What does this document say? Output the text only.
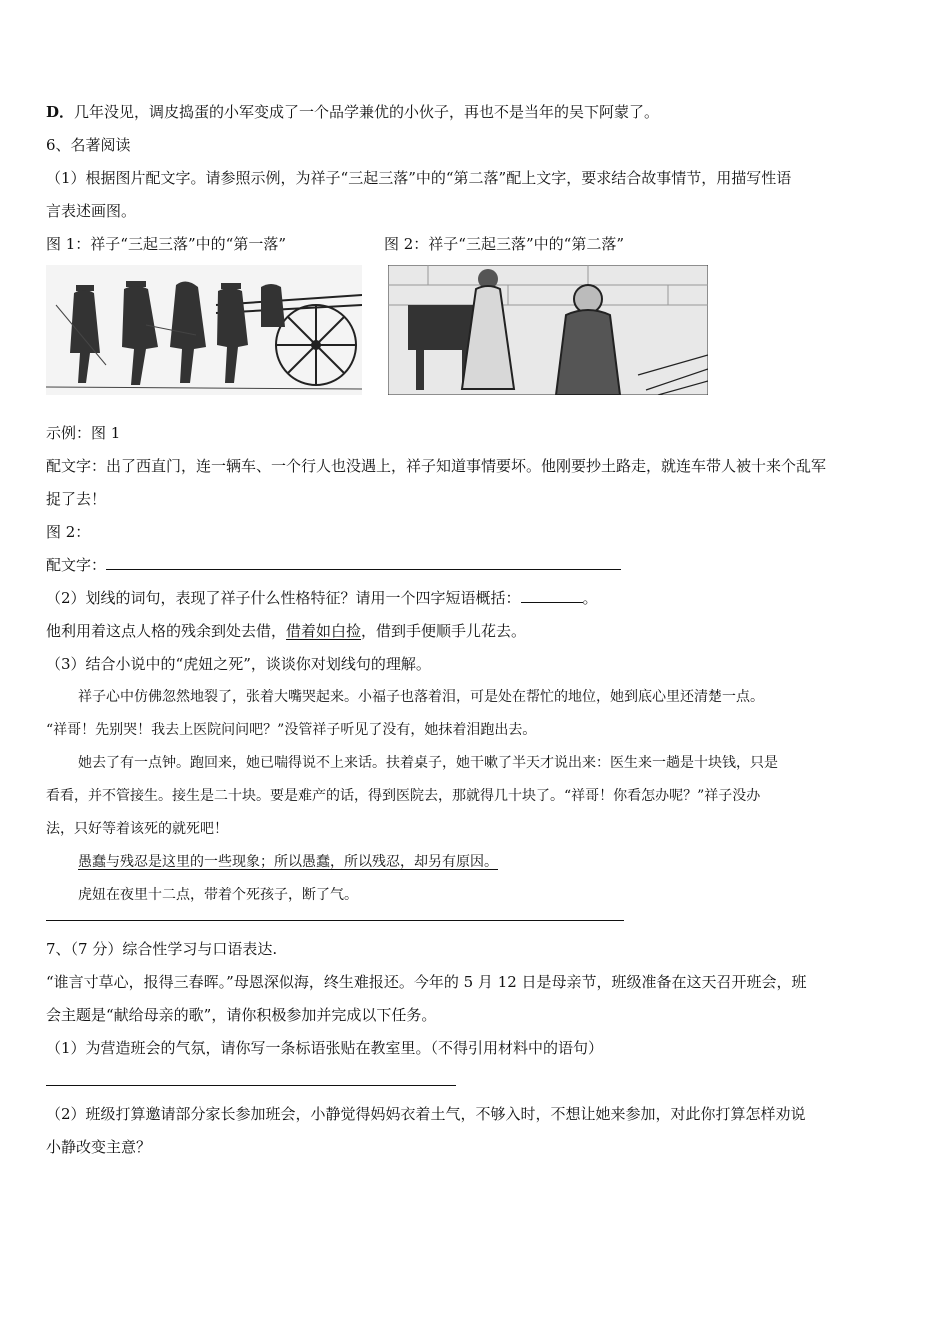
D．几年没见，调皮捣蛋的小军变成了一个品学兼优的小伙子，再也不是当年的吴下阿蒙了。
6、名著阅读
（1）根据图片配文字。请参照示例，为祥子“三起三落”中的“第二落”配上文字，要求结合故事情节，用描写性语
言表述画图。
图 1：祥子“三起三落”中的“第一落”	图 2：祥子“三起三落”中的“第二落”
示例：图 1
配文字：出了西直门，连一辆车、一个行人也没遇上，祥子知道事情要坏。他刚要抄土路走，就连车带人被十来个乱军
捉了去！
图 2：
配文字：
（2）划线的词句，表现了祥子什么性格特征？请用一个四字短语概括：	。
他利用着这点人格的残余到处去借，借着如白捡，借到手便顺手儿花去。
（3）结合小说中的“虎妞之死”，谈谈你对划线句的理解。
祥子心中仿佛忽然地裂了，张着大嘴哭起来。小福子也落着泪，可是处在帮忙的地位，她到底心里还清楚一点。
“祥哥！先别哭！我去上医院问问吧？”没管祥子听见了没有，她抹着泪跑出去。
她去了有一点钟。跑回来，她已喘得说不上来话。扶着桌子，她干嗽了半天才说出来：医生来一趟是十块钱，只是
看看，并不管接生。接生是二十块。要是难产的话，得到医院去，那就得几十块了。“祥哥！你看怎办呢？”祥子没办
法，只好等着该死的就死吧！
愚蠢与残忍是这里的一些现象；所以愚蠢，所以残忍，却另有原因。
虎妞在夜里十二点，带着个死孩子，断了气。
7、（7 分）综合性学习与口语表达.
“谁言寸草心，报得三春晖。”母恩深似海，终生难报还。今年的 5 月 12 日是母亲节，班级准备在这天召开班会，班
会主题是“献给母亲的歌”，请你积极参加并完成以下任务。
（1）为营造班会的气氛，请你写一条标语张贴在教室里。（不得引用材料中的语句）
（2）班级打算邀请部分家长参加班会，小静觉得妈妈衣着土气，不够入时，不想让她来参加，对此你打算怎样劝说
小静改变主意？
